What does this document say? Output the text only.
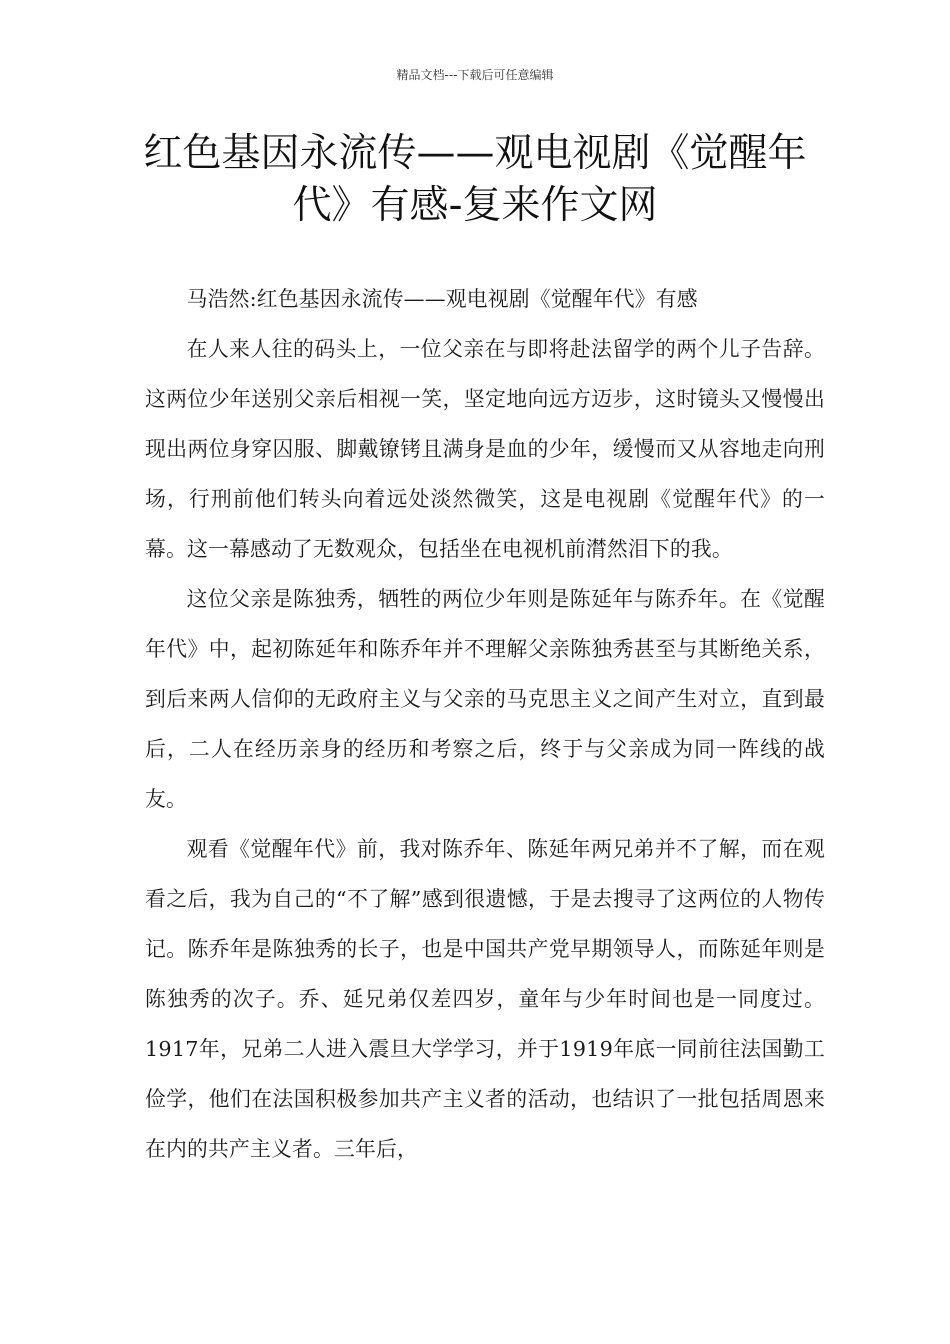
精品文档---下载后可任意编辑
红色基因永流传——观电视剧《觉醒年代》有感-复来作文网

马浩然:红色基因永流传——观电视剧《觉醒年代》有感

在人来人往的码头上，一位父亲在与即将赴法留学的两个儿子告辞。这两位少年送别父亲后相视一笑，坚定地向远方迈步，这时镜头又慢慢出现出两位身穿囚服、脚戴镣铐且满身是血的少年，缓慢而又从容地走向刑场，行刑前他们转头向着远处淡然微笑，这是电视剧《觉醒年代》的一幕。这一幕感动了无数观众，包括坐在电视机前潸然泪下的我。

这位父亲是陈独秀，牺牲的两位少年则是陈延年与陈乔年。在《觉醒年代》中，起初陈延年和陈乔年并不理解父亲陈独秀甚至与其断绝关系，到后来两人信仰的无政府主义与父亲的马克思主义之间产生对立，直到最后，二人在经历亲身的经历和考察之后，终于与父亲成为同一阵线的战友。

观看《觉醒年代》前，我对陈乔年、陈延年两兄弟并不了解，而在观看之后，我为自己的“不了解”感到很遗憾，于是去搜寻了这两位的人物传记。陈乔年是陈独秀的长子，也是中国共产党早期领导人，而陈延年则是陈独秀的次子。乔、延兄弟仅差四岁，童年与少年时间也是一同度过。1917年，兄弟二人进入震旦大学学习，并于1919年底一同前往法国勤工俭学，他们在法国积极参加共产主义者的活动，也结识了一批包括周恩来在内的共产主义者。三年后，
